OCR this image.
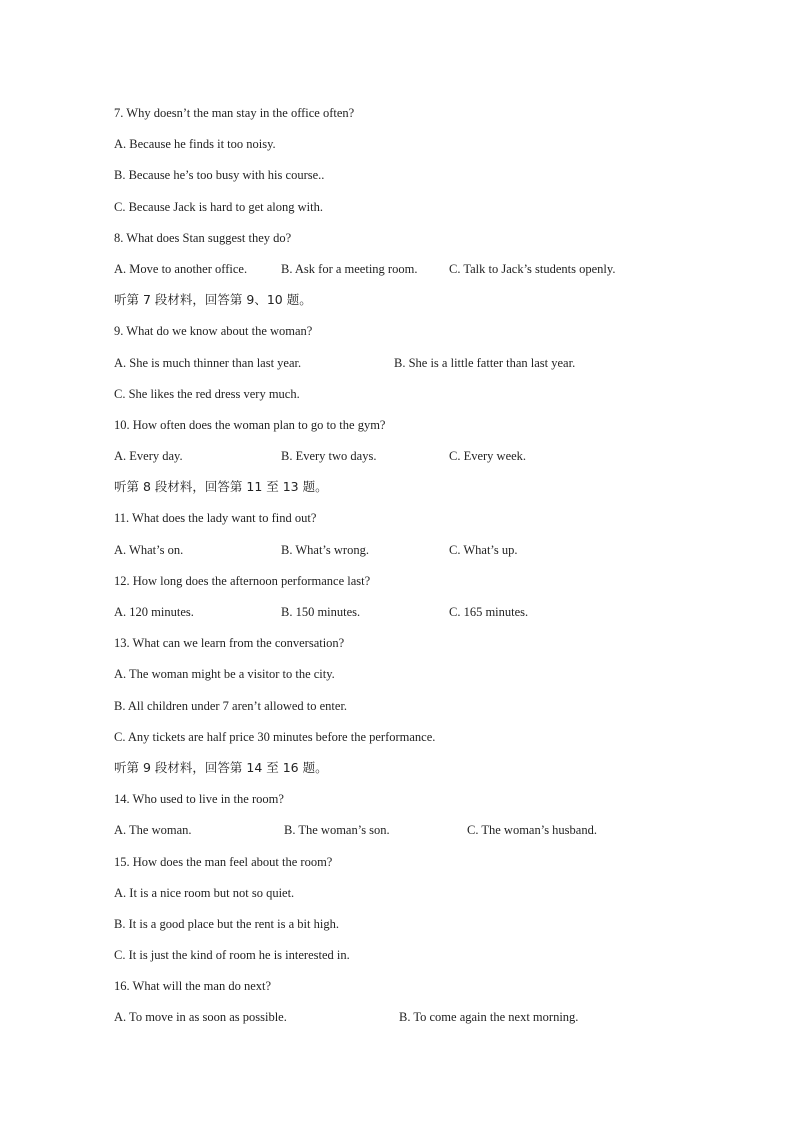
7. Why doesn’t the man stay in the office often?
A. Because he finds it too noisy.
B. Because he’s too busy with his course..
C. Because Jack is hard to get along with.
8. What does Stan suggest they do?
A. Move to another office.	B. Ask for a meeting room.	C. Talk to Jack’s students openly.
听第 7 段材料，回答第 9、10 题。
9. What do we know about the woman?
A. She is much thinner than last year.	B. She is a little fatter than last year.
C. She likes the red dress very much.
10. How often does the woman plan to go to the gym?
A. Every day.	B. Every two days.	C. Every week.
听第 8 段材料，回答第 11 至 13 题。
11. What does the lady want to find out?
A. What’s on.	B. What’s wrong.	C. What’s up.
12. How long does the afternoon performance last?
A. 120 minutes.	B. 150 minutes.	C. 165 minutes.
13. What can we learn from the conversation?
A. The woman might be a visitor to the city.
B. All children under 7 aren’t allowed to enter.
C. Any tickets are half price 30 minutes before the performance.
听第 9 段材料，回答第 14 至 16 题。
14. Who used to live in the room?
A. The woman.	B. The woman’s son.	C. The woman’s husband.
15. How does the man feel about the room?
A. It is a nice room but not so quiet.
B. It is a good place but the rent is a bit high.
C. It is just the kind of room he is interested in.
16. What will the man do next?
A. To move in as soon as possible.	B. To come again the next morning.
